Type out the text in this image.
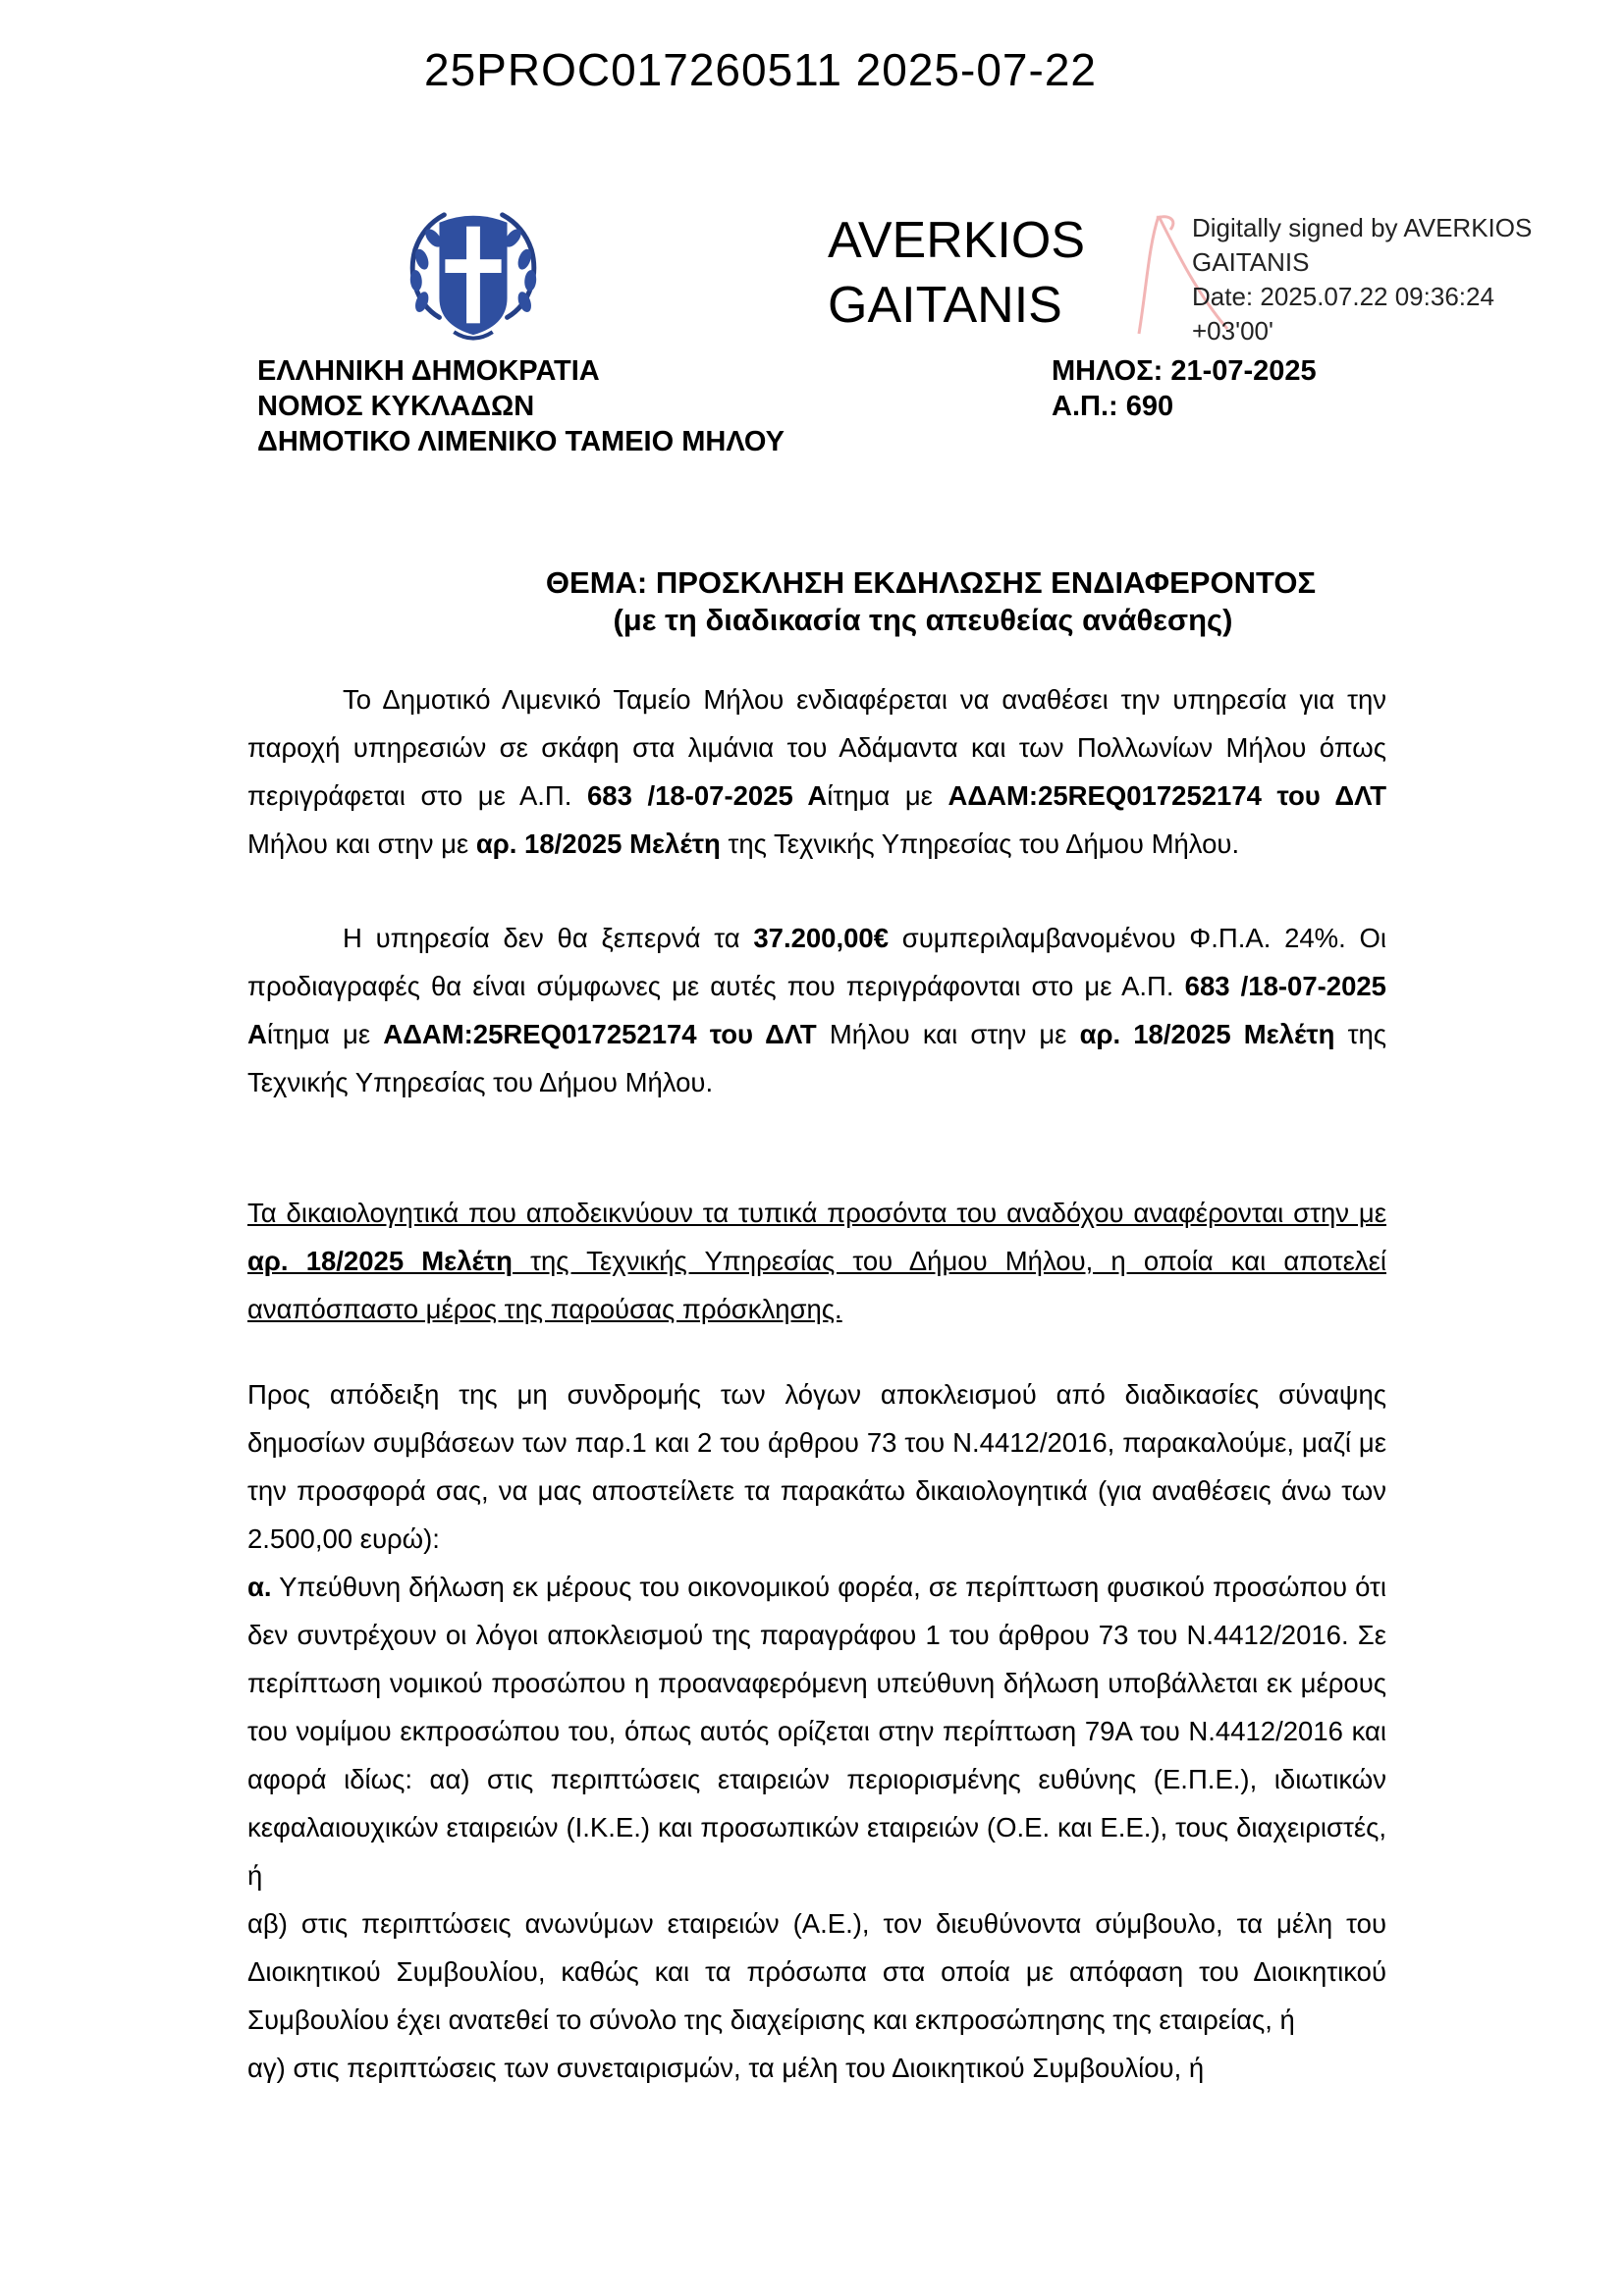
25PROC017260511 2025-07-22
AVERKIOS
GAITANIS
Digitally signed by AVERKIOS
GAITANIS
Date: 2025.07.22 09:36:24
+03'00'
ΕΛΛΗΝΙΚΗ ΔΗΜΟΚΡΑΤΙΑ
ΝΟΜΟΣ ΚΥΚΛΑΔΩΝ
ΔΗΜΟΤΙΚΟ ΛΙΜΕΝΙΚΟ ΤΑΜΕΙΟ ΜΗΛΟΥ
ΜΗΛΟΣ: 21-07-2025
Α.Π.: 690
ΘΕΜΑ: ΠΡΟΣΚΛΗΣΗ ΕΚΔΗΛΩΣΗΣ ΕΝΔΙΑΦΕΡΟΝΤΟΣ
(με τη διαδικασία της απευθείας ανάθεσης)

Το Δημοτικό Λιμενικό Ταμείο Μήλου ενδιαφέρεται να αναθέσει την υπηρεσία για την παροχή υπηρεσιών σε σκάφη στα λιμάνια του Αδάμαντα και των Πολλωνίων Μήλου όπως περιγράφεται στο με Α.Π. 683 /18-07-2025 Αίτημα με ΑΔΑΜ:25REQ017252174 του ΔΛΤ Μήλου και στην με αρ. 18/2025 Μελέτη της Τεχνικής Υπηρεσίας του Δήμου Μήλου.

Η υπηρεσία δεν θα ξεπερνά τα 37.200,00€ συμπεριλαμβανομένου Φ.Π.Α. 24%. Οι προδιαγραφές θα είναι σύμφωνες με αυτές που περιγράφονται στο με Α.Π. 683 /18-07-2025 Αίτημα με ΑΔΑΜ:25REQ017252174 του ΔΛΤ Μήλου και στην με αρ. 18/2025 Μελέτη της Τεχνικής Υπηρεσίας του Δήμου Μήλου.

Τα δικαιολογητικά που αποδεικνύουν τα τυπικά προσόντα του αναδόχου αναφέρονται στην με αρ. 18/2025 Μελέτη της Τεχνικής Υπηρεσίας του Δήμου Μήλου, η οποία και αποτελεί αναπόσπαστο μέρος της παρούσας πρόσκλησης.

Προς απόδειξη της μη συνδρομής των λόγων αποκλεισμού από διαδικασίες σύναψης δημοσίων συμβάσεων των παρ.1 και 2 του άρθρου 73 του Ν.4412/2016, παρακαλούμε, μαζί με την προσφορά σας, να μας αποστείλετε τα παρακάτω δικαιολογητικά (για αναθέσεις άνω των 2.500,00 ευρώ):

α. Υπεύθυνη δήλωση εκ μέρους του οικονομικού φορέα, σε περίπτωση φυσικού προσώπου ότι δεν συντρέχουν οι λόγοι αποκλεισμού της παραγράφου 1 του άρθρου 73 του Ν.4412/2016. Σε περίπτωση νομικού προσώπου η προαναφερόμενη υπεύθυνη δήλωση υποβάλλεται εκ μέρους του νομίμου εκπροσώπου του, όπως αυτός ορίζεται στην περίπτωση 79Α του Ν.4412/2016 και αφορά ιδίως: αα) στις περιπτώσεις εταιρειών περιορισμένης ευθύνης (Ε.Π.Ε.), ιδιωτικών κεφαλαιουχικών εταιρειών (Ι.Κ.Ε.) και προσωπικών εταιρειών (Ο.Ε. και Ε.Ε.), τους διαχειριστές, ή

αβ) στις περιπτώσεις ανωνύμων εταιρειών (Α.Ε.), τον διευθύνοντα σύμβουλο, τα μέλη του Διοικητικού Συμβουλίου, καθώς και τα πρόσωπα στα οποία με απόφαση του Διοικητικού Συμβουλίου έχει ανατεθεί το σύνολο της διαχείρισης και εκπροσώπησης της εταιρείας, ή

αγ) στις περιπτώσεις των συνεταιρισμών, τα μέλη του Διοικητικού Συμβουλίου, ή
